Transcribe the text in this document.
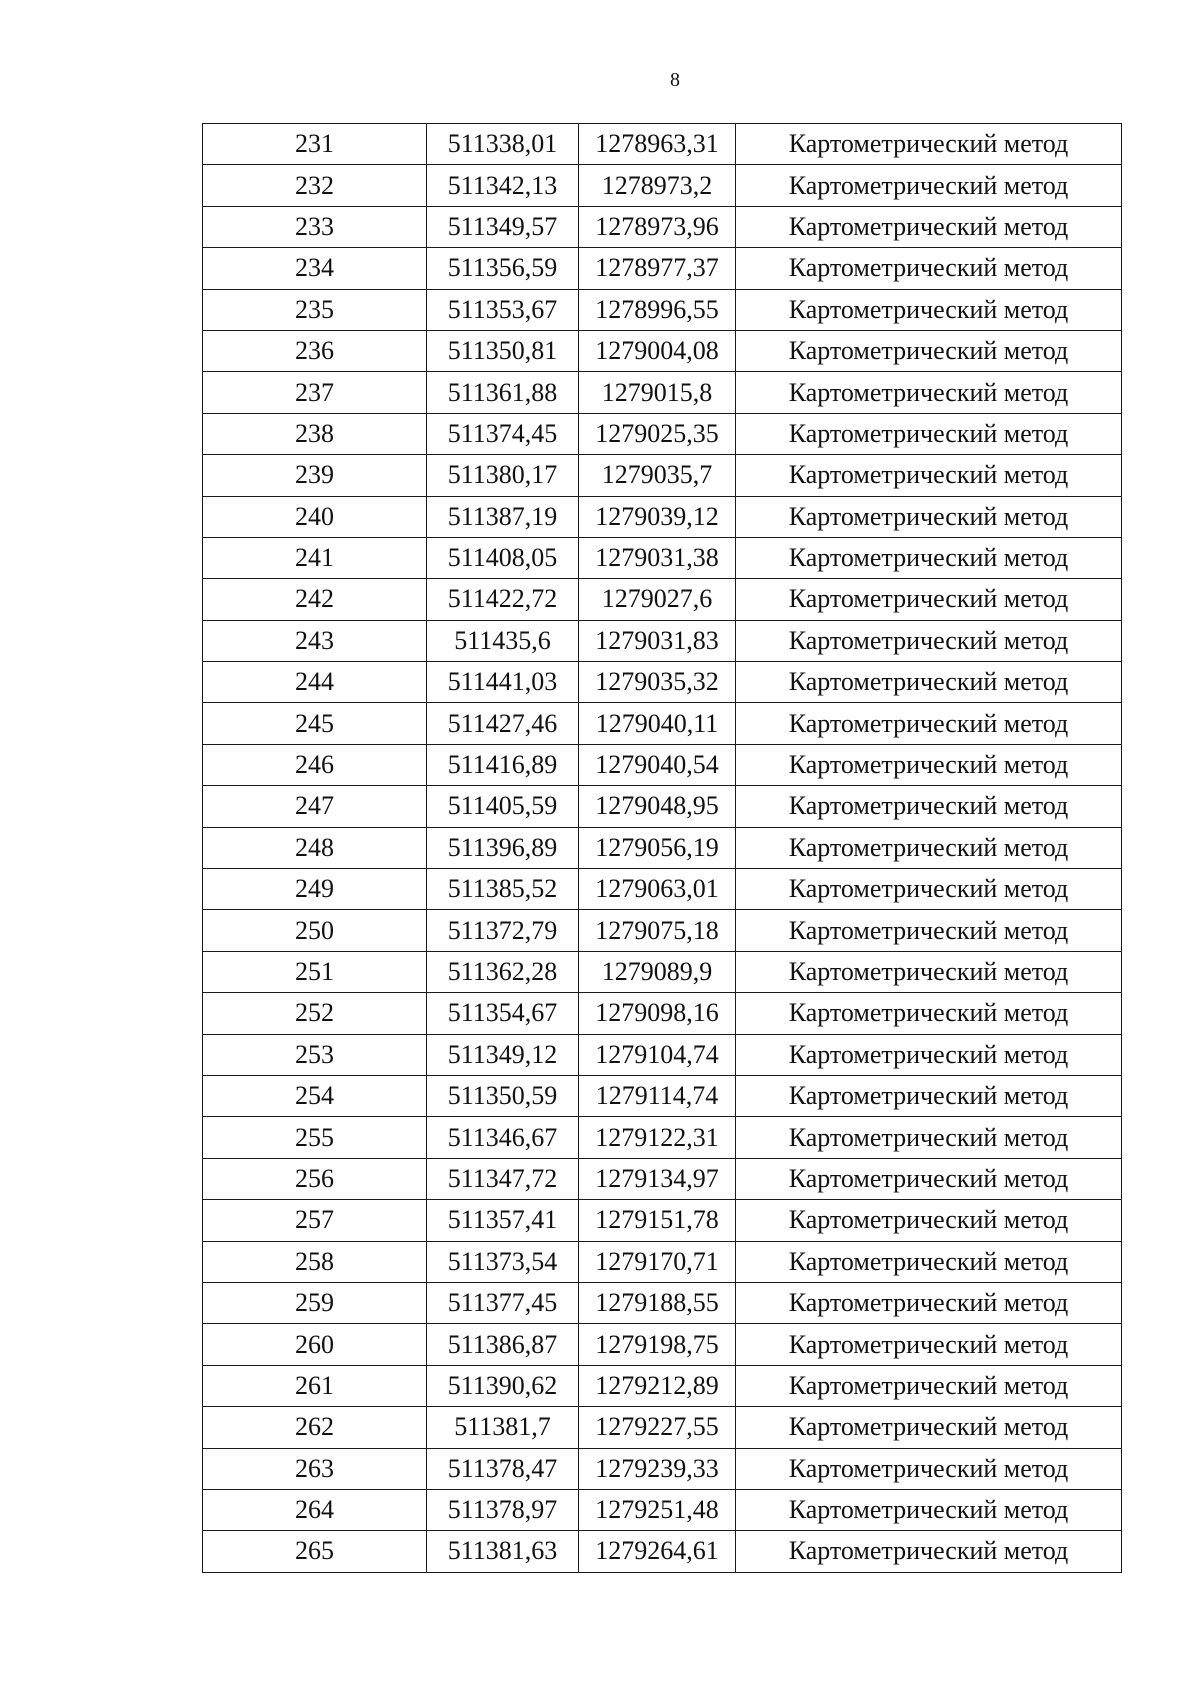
8
231	511338,01	1278963,31	Картометрический метод
232	511342,13	1278973,2	Картометрический метод
233	511349,57	1278973,96	Картометрический метод
234	511356,59	1278977,37	Картометрический метод
235	511353,67	1278996,55	Картометрический метод
236	511350,81	1279004,08	Картометрический метод
237	511361,88	1279015,8	Картометрический метод
238	511374,45	1279025,35	Картометрический метод
239	511380,17	1279035,7	Картометрический метод
240	511387,19	1279039,12	Картометрический метод
241	511408,05	1279031,38	Картометрический метод
242	511422,72	1279027,6	Картометрический метод
243	511435,6	1279031,83	Картометрический метод
244	511441,03	1279035,32	Картометрический метод
245	511427,46	1279040,11	Картометрический метод
246	511416,89	1279040,54	Картометрический метод
247	511405,59	1279048,95	Картометрический метод
248	511396,89	1279056,19	Картометрический метод
249	511385,52	1279063,01	Картометрический метод
250	511372,79	1279075,18	Картометрический метод
251	511362,28	1279089,9	Картометрический метод
252	511354,67	1279098,16	Картометрический метод
253	511349,12	1279104,74	Картометрический метод
254	511350,59	1279114,74	Картометрический метод
255	511346,67	1279122,31	Картометрический метод
256	511347,72	1279134,97	Картометрический метод
257	511357,41	1279151,78	Картометрический метод
258	511373,54	1279170,71	Картометрический метод
259	511377,45	1279188,55	Картометрический метод
260	511386,87	1279198,75	Картометрический метод
261	511390,62	1279212,89	Картометрический метод
262	511381,7	1279227,55	Картометрический метод
263	511378,47	1279239,33	Картометрический метод
264	511378,97	1279251,48	Картометрический метод
265	511381,63	1279264,61	Картометрический метод
